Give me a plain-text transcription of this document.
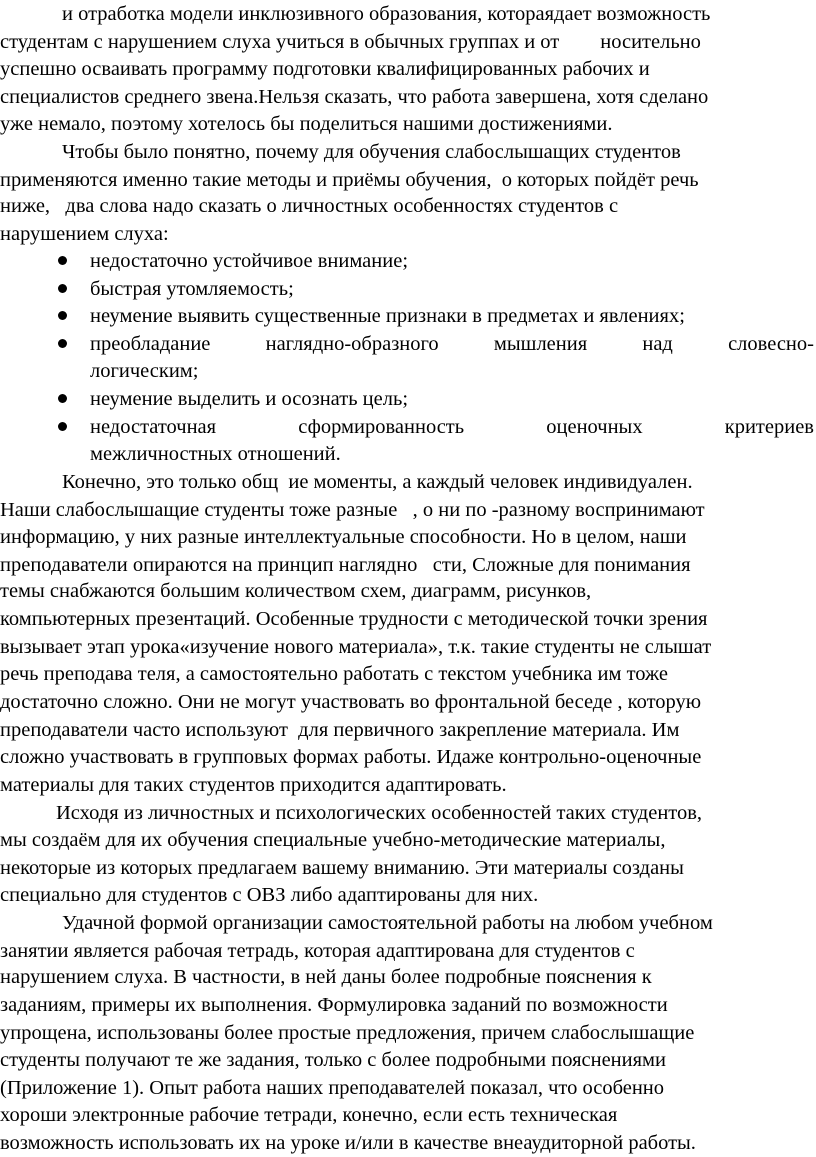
и отработка модели инклюзивного образования, котораядает возможность
студентам с нарушением слуха учиться в обычных группах и от        носительно
успешно осваивать программу подготовки квалифицированных рабочих и
специалистов среднего звена.Нельзя сказать, что работа завершена, хотя сделано
уже немало, поэтому хотелось бы поделиться нашими достижениями.
Чтобы было понятно, почему для обучения слабослышащих студентов
применяются именно такие методы и приёмы обучения,  о которых пойдёт речь
ниже,   два слова надо сказать о личностных особенностях студентов с
нарушением слуха:
недостаточно устойчивое внимание;
быстрая утомляемость;
неумение выявить существенные признаки в предметах и явлениях;
преобладание	наглядно-образного	мышления	над	словесно-
логическим;
неумение выделить и осознать цель;
недостаточная	сформированность	оценочных	критериев
межличностных отношений.
Конечно, это только общ  ие моменты, а каждый человек индивидуален.
Наши слабослышащие студенты тоже разные   , о ни по -разному воспринимают
информацию, у них разные интеллектуальные способности. Но в целом, наши
преподаватели опираются на принцип наглядно   сти, Сложные для понимания
темы снабжаются большим количеством схем, диаграмм, рисунков,
компьютерных презентаций. Особенные трудности с методической точки зрения
вызывает этап урока«изучение нового материала», т.к. такие студенты не слышат
речь преподава теля, а самостоятельно работать с текстом учебника им тоже
достаточно сложно. Они не могут участвовать во фронтальной беседе , которую
преподаватели часто используют  для первичного закрепление материала. Им
сложно участвовать в групповых формах работы. Идаже контрольно-оценочные
материалы для таких студентов приходится адаптировать.
Исходя из личностных и психологических особенностей таких студентов,
мы создаём для их обучения специальные учебно-методические материалы,
некоторые из которых предлагаем вашему вниманию. Эти материалы созданы
специально для студентов с ОВЗ либо адаптированы для них.
Удачной формой организации самостоятельной работы на любом учебном
занятии является рабочая тетрадь, которая адаптирована для студентов с
нарушением слуха. В частности, в ней даны более подробные пояснения к
заданиям, примеры их выполнения. Формулировка заданий по возможности
упрощена, использованы более простые предложения, причем слабослышащие
студенты получают те же задания, только с более подробными пояснениями
(Приложение 1). Опыт работа наших преподавателей показал, что особенно
хороши электронные рабочие тетради, конечно, если есть техническая
возможность использовать их на уроке и/или в качестве внеаудиторной работы.
